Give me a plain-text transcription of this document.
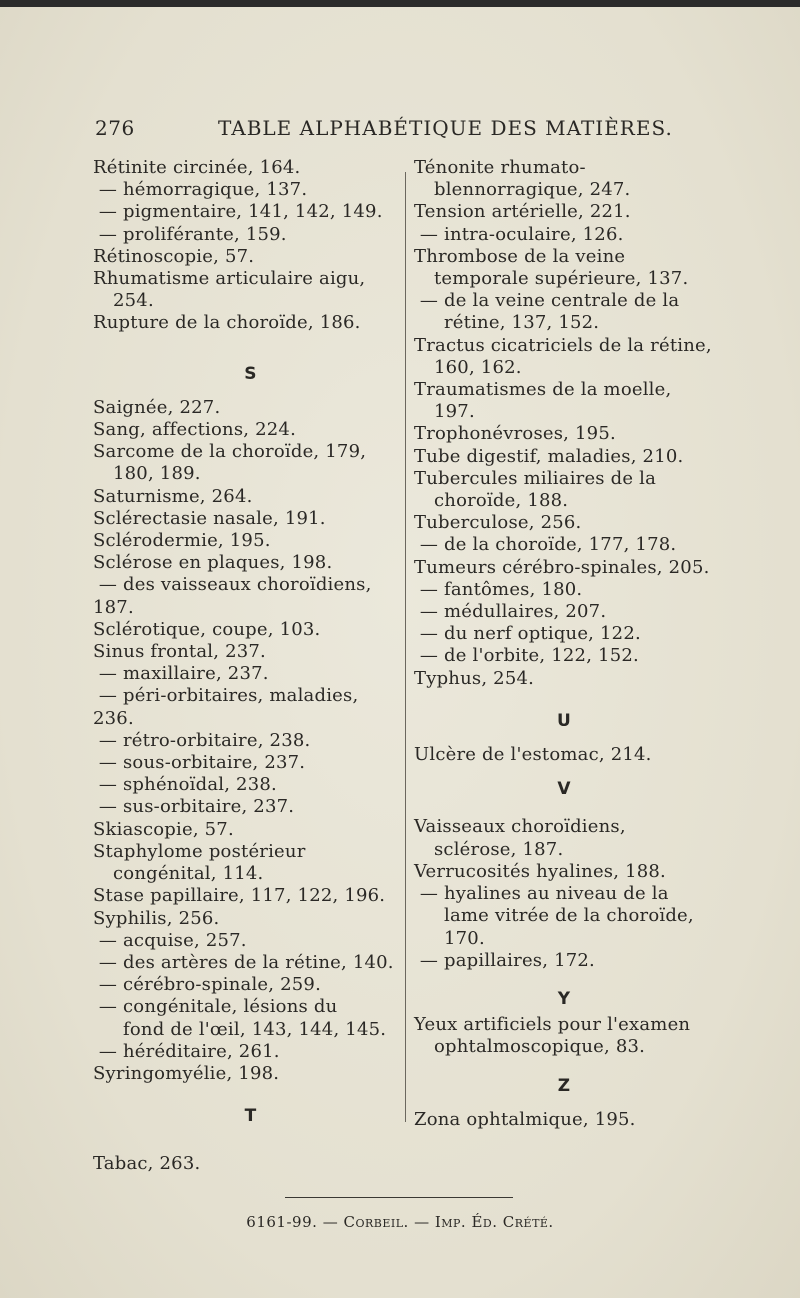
276	TABLE ALPHABÉTIQUE DES MATIÈRES.

Rétinite circinée, 164.

— hémorragique, 137.

— pigmentaire, 141, 142, 149.

— proliférante, 159.

Rétinoscopie, 57.

Rhumatisme articulaire aigu, 254.

Rupture de la choroïde, 186.

S

Saignée, 227.

Sang, affections, 224.

Sarcome de la choroïde, 179, 180, 189.

Saturnisme, 264.

Sclérectasie nasale, 191.

Sclérodermie, 195.

Sclérose en plaques, 198.

— des vaisseaux choroïdiens,

187.

Sclérotique, coupe, 103.

Sinus frontal, 237.

— maxillaire, 237.

— péri-orbitaires, maladies,

236.

— rétro-orbitaire, 238.

— sous-orbitaire, 237.

— sphénoïdal, 238.

— sus-orbitaire, 237.

Skiascopie, 57.

Staphylome postérieur congénital, 114.

Stase papillaire, 117, 122, 196.

Syphilis, 256.

— acquise, 257.

— des artères de la rétine, 140.

— cérébro-spinale, 259.

— congénitale, lésions du
fond de l'œil, 143, 144, 145.

— héréditaire, 261.

Syringomyélie, 198.

T

Tabac, 263.

Ténonite rhumato-blennorragique, 247.

Tension artérielle, 221.

— intra-oculaire, 126.

Thrombose de la veine temporale supérieure, 137.

— de la veine centrale de la
rétine, 137, 152.

Tractus cicatriciels de la rétine, 160, 162.

Traumatismes de la moelle, 197.

Trophonévroses, 195.

Tube digestif, maladies, 210.

Tubercules miliaires de la choroïde, 188.

Tuberculose, 256.

— de la choroïde, 177, 178.

Tumeurs cérébro-spinales, 205.

— fantômes, 180.

— médullaires, 207.

— du nerf optique, 122.

— de l'orbite, 122, 152.

Typhus, 254.

U

Ulcère de l'estomac, 214.

V

Vaisseaux choroïdiens, sclérose, 187.

Verrucosités hyalines, 188.

— hyalines au niveau de la
lame vitrée de la choroïde, 170.

— papillaires, 172.

Y

Yeux artificiels pour l'examen ophtalmoscopique, 83.

Z

Zona ophtalmique, 195.

6161-99. — Corbeil. — Imp. Éd. Crété.
